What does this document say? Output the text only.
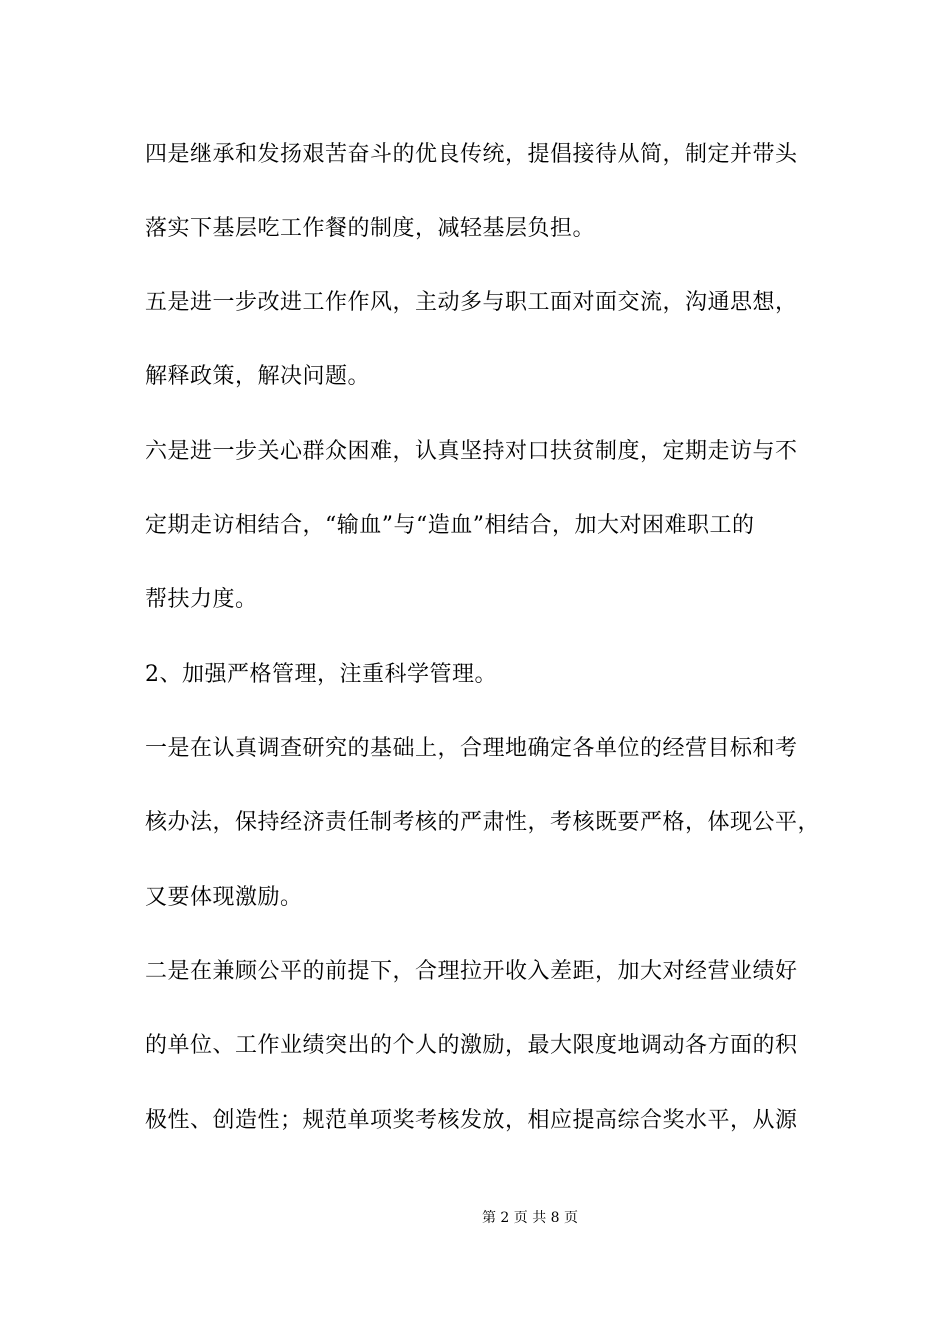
四是继承和发扬艰苦奋斗的优良传统，提倡接待从简，制定并带头
落实下基层吃工作餐的制度，减轻基层负担。
五是进一步改进工作作风，主动多与职工面对面交流，沟通思想，
解释政策，解决问题。
六是进一步关心群众困难，认真坚持对口扶贫制度，定期走访与不
定期走访相结合，“输血”与“造血”相结合，加大对困难职工的
帮扶力度。
2、加强严格管理，注重科学管理。
一是在认真调查研究的基础上，合理地确定各单位的经营目标和考
核办法，保持经济责任制考核的严肃性，考核既要严格，体现公平，
又要体现激励。
二是在兼顾公平的前提下，合理拉开收入差距，加大对经营业绩好
的单位、工作业绩突出的个人的激励，最大限度地调动各方面的积
极性、创造性；规范单项奖考核发放，相应提高综合奖水平，从源
第 2 页 共 8 页
